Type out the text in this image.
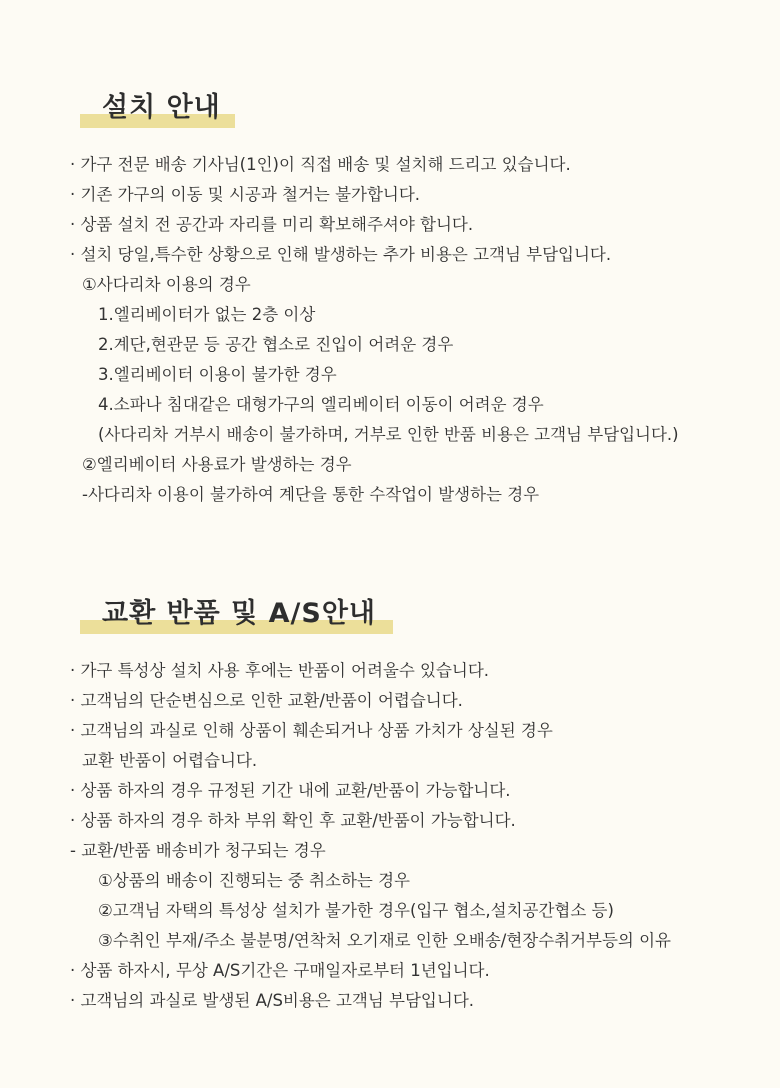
설치 안내
· 가구 전문 배송 기사님(1인)이 직접 배송 및 설치해 드리고 있습니다.
· 기존 가구의 이동 및 시공과 철거는 불가합니다.
· 상품 설치 전 공간과 자리를 미리 확보해주셔야 합니다.
· 설치 당일,특수한 상황으로 인해 발생하는 추가 비용은 고객님 부담입니다.
①사다리차 이용의 경우
1.엘리베이터가 없는 2층 이상
2.계단,현관문 등 공간 협소로 진입이 어려운 경우
3.엘리베이터 이용이 불가한 경우
4.소파나 침대같은 대형가구의 엘리베이터 이동이 어려운 경우
(사다리차 거부시 배송이 불가하며, 거부로 인한 반품 비용은 고객님 부담입니다.)
②엘리베이터 사용료가 발생하는 경우
-사다리차 이용이 불가하여 계단을 통한 수작업이 발생하는 경우
교환 반품 및 A/S안내
· 가구 특성상 설치 사용 후에는 반품이 어려울수 있습니다.
· 고객님의 단순변심으로 인한 교환/반품이 어렵습니다.
· 고객님의 과실로 인해 상품이 훼손되거나 상품 가치가 상실된 경우
교환 반품이 어렵습니다.
· 상품 하자의 경우 규정된 기간 내에 교환/반품이 가능합니다.
· 상품 하자의 경우 하차 부위 확인 후 교환/반품이 가능합니다.
- 교환/반품 배송비가 청구되는 경우
①상품의 배송이 진행되는 중 취소하는 경우
②고객님 자택의 특성상 설치가 불가한 경우(입구 협소,설치공간협소 등)
③수취인 부재/주소 불분명/연착처 오기재로 인한 오배송/현장수취거부등의 이유
· 상품 하자시, 무상 A/S기간은 구매일자로부터 1년입니다.
· 고객님의 과실로 발생된 A/S비용은 고객님 부담입니다.
